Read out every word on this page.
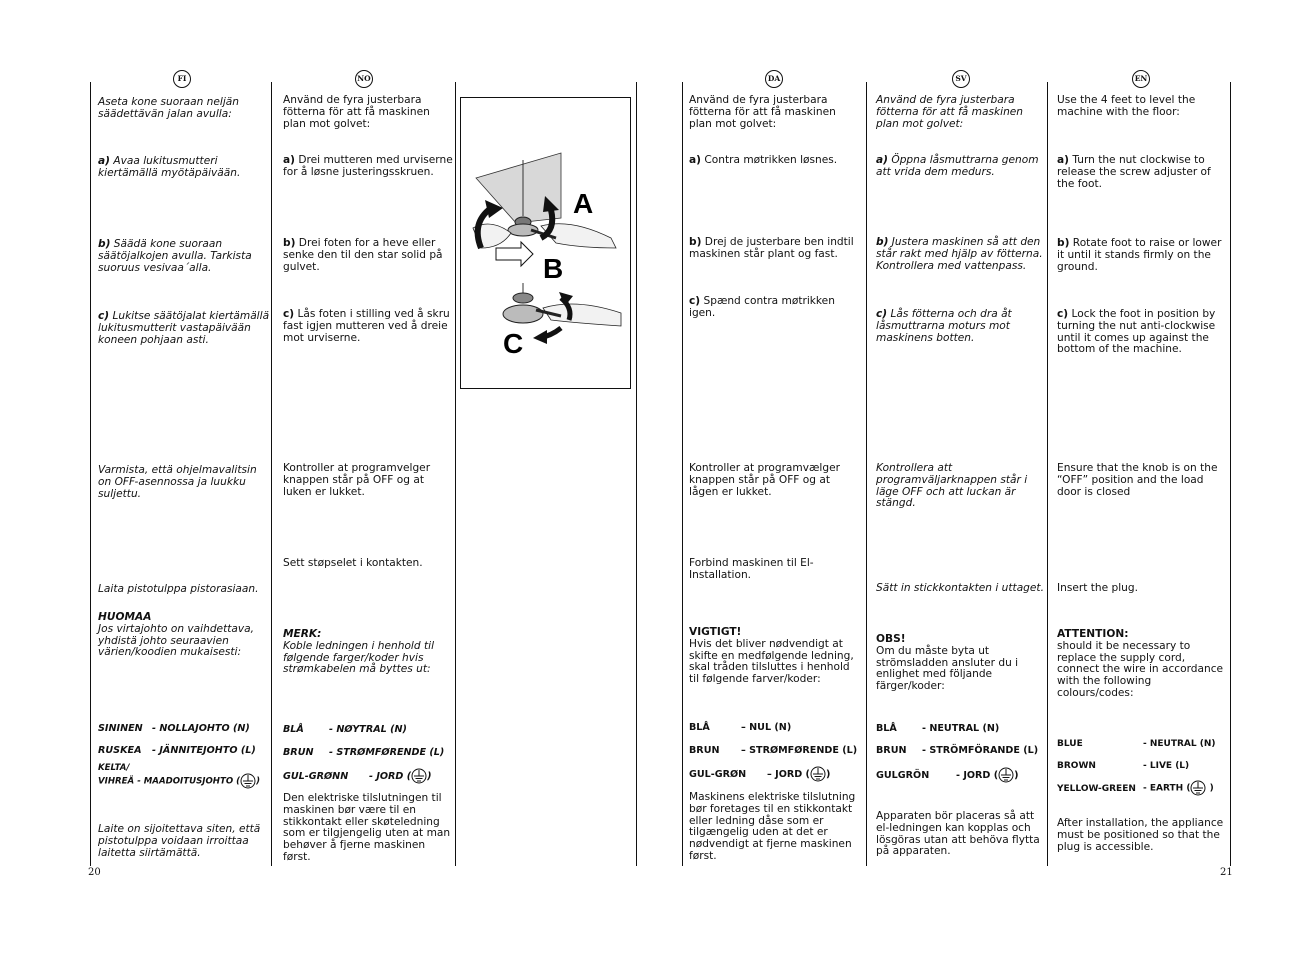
20	21
FI	NO	DA	SV	EN
A
B
C

Aseta kone suoraan neljän säädettävän jalan avulla:

a) Avaa lukitusmutteri kiertämällä myötäpäivään.

b) Säädä kone suoraan säätöjalkojen avulla. Tarkista suoruus vesivaa´alla.

c) Lukitse säätöjalat kiertämällä lukitusmutterit vastapäivään koneen pohjaan asti.

Varmista, että ohjelmavalitsin on OFF-asennossa ja luukku suljettu.

Laita pistotulppa pistorasiaan.

HUOMAA
Jos virtajohto on vaihdettava, yhdistä johto seuraavien värien/koodien mukaisesti:

SININEN - NOLLAJOHTO (N)
RUSKEA - JÄNNITEJOHTO (L)
KELTA/
VIHREÄ - MAADOITUSJOHTO ( )

Laite on sijoitettava siten, että pistotulppa voidaan irroittaa laitetta siirtämättä.

Använd de fyra justerbara fötterna för att få maskinen plan mot golvet:

a) Drei mutteren med urviserne for å løsne justeringsskruen.

b) Drei foten for a heve eller senke den til den star solid på gulvet.

c) Lås foten i stilling ved å skru fast igjen mutteren ved å dreie mot urviserne.

Kontroller at programvelger knappen står på OFF og at luken er lukket.

Sett støpselet i kontakten.

MERK:
Koble ledningen i henhold til følgende farger/koder hvis strømkabelen må byttes ut:

BLÅ	- NØYTRAL (N)
BRUN - STRØMFØRENDE (L)
GUL-GRØNN - JORD ( )

Den elektriske tilslutningen til maskinen bør være til en stikkontakt eller skøteledning som er tilgjengelig uten at man behøver å fjerne maskinen først.

Använd de fyra justerbara fötterna för att få maskinen plan mot golvet:

a) Contra møtrikken løsnes.

b) Drej de justerbare ben indtil maskinen står plant og fast.

c) Spænd contra møtrikken igen.

Kontroller at programvælger knappen står på OFF og at lågen er lukket.

Forbind maskinen til El-Installation.

VIGTIGT!
Hvis det bliver nødvendigt at skifte en medfølgende ledning, skal tråden tilsluttes i henhold til følgende farver/koder:

BLÅ	– NUL (N)
BRUN – STRØMFØRENDE (L)
GUL-GRØN – JORD ( )

Maskinens elektriske tilslutning bør foretages til en stikkontakt eller ledning dåse som er tilgængelig uden at det er nødvendigt at fjerne maskinen først.

Använd de fyra justerbara fötterna för att få maskinen plan mot golvet:

a) Öppna låsmuttrarna genom att vrida dem medurs.

b) Justera maskinen så att den står rakt med hjälp av fötterna. Kontrollera med vattenpass.

c) Lås fötterna och dra åt låsmuttrarna moturs mot maskinens botten.

Kontrollera att programväljarknappen står i läge OFF och att luckan är stängd.

Sätt in stickkontakten i uttaget.

OBS!
Om du måste byta ut strömsladden ansluter du i enlighet med följande färger/koder:

BLÅ	- NEUTRAL (N)
BRUN - STRÖMFÖRANDE (L)
GULGRÖN	- JORD ( )

Apparaten bör placeras så att el-ledningen kan kopplas och lösgöras utan att behöva flytta på apparaten.

Use the 4 feet to level the machine with the floor:

a) Turn the nut clockwise to release the screw adjuster of the foot.

b) Rotate foot to raise or lower it until it stands firmly on the ground.

c) Lock the foot in position by turning the nut anti-clockwise until it comes up against the bottom of the machine.

Ensure that the knob is on the “OFF” position and the load door is closed

Insert the plug.

ATTENTION:
should it be necessary to replace the supply cord, connect the wire in accordance with the following colours/codes:

BLUE	- NEUTRAL (N)
BROWN	- LIVE (L)
YELLOW-GREEN - EARTH ( )

After installation, the appliance must be positioned so that the plug is accessible.
